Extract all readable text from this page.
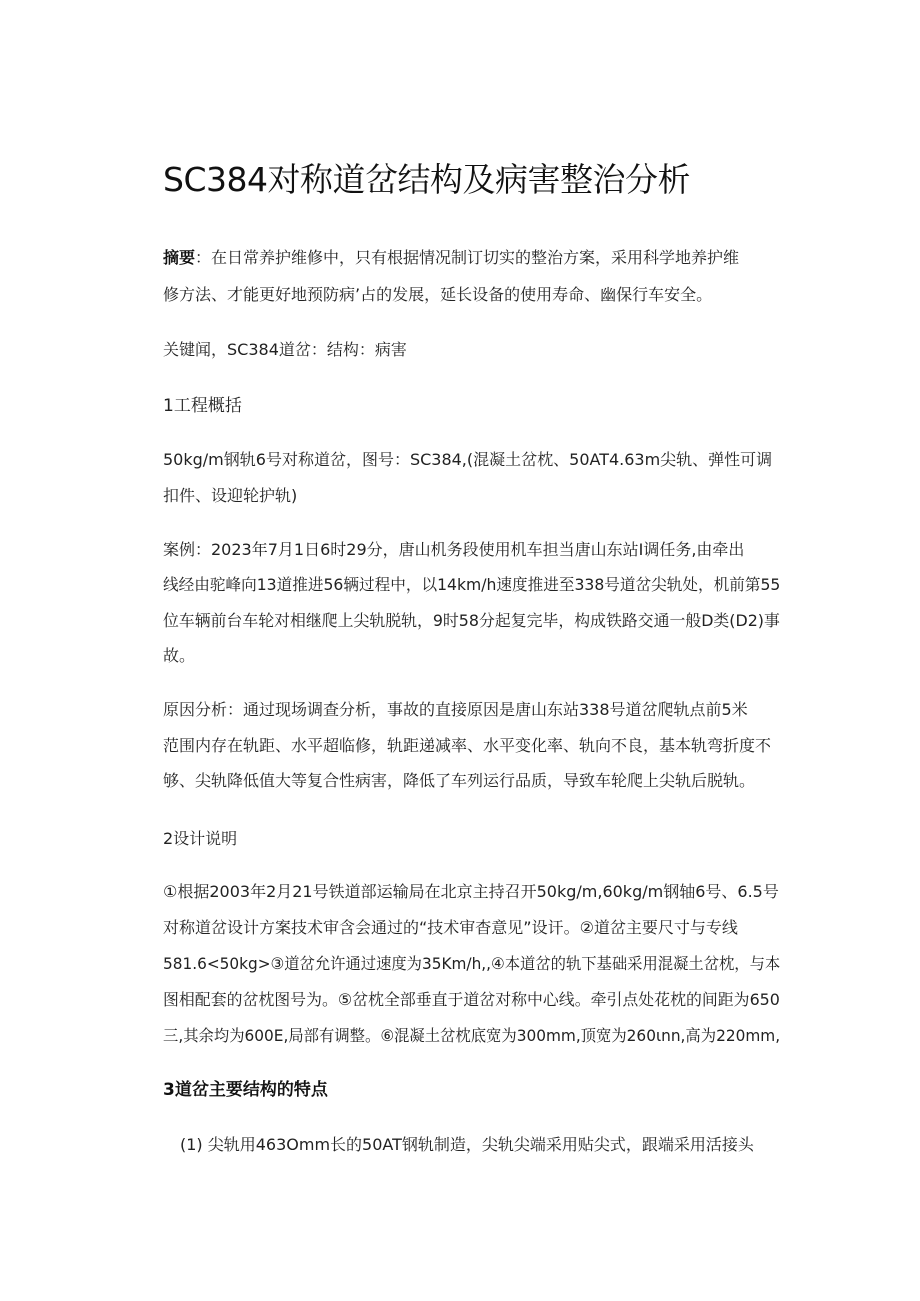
SC384对称道岔结构及病害整治分析
摘要：在日常养护维修中，只有根据情况制订切实的整治方案，采用科学地养护维
修方法、才能更好地预防病’占的发展，延长设备的使用寿命、幽保行车安全。
关键闻，SC384道岔：结构：病害
1工程概括
50kg/m钢轨6号对称道岔，图号：SC384,(混凝土岔枕、50AT4.63m尖轨、弹性可调
扣件、设迎轮护轨)
案例：2023年7月1日6时29分，唐山机务段使用机车担当唐山东站I调任务,由牵出
线经由驼峰向13道推进56辆过程中，以14km/h速度推进至338号道岔尖轨处，机前第55
位车辆前台车轮对相继爬上尖轨脱轨，9时58分起复完毕，构成铁路交通一般D类(D2)事
故。
原因分析：通过现场调查分析，事故的直接原因是唐山东站338号道岔爬轨点前5米
范围内存在轨距、水平超临修，轨距递减率、水平变化率、轨向不良，基本轨弯折度不
够、尖轨降低值大等复合性病害，降低了车列运行品质，导致车轮爬上尖轨后脱轨。
2设计说明
①根据2003年2月21号铁道部运输局在北京主持召开50kg/m,60kg/m钢轴6号、6.5号
对称道岔设计方案技术审含会通过的“技术审杳意见”设讦。②道岔主要尺寸与专线
581.6<50kg>③道岔允许通过速度为35Km/h,,④本道岔的轨下基础采用混凝土岔枕，与本
图相配套的岔枕图号为。⑤岔枕全部垂直于道岔对称中心线。牵引点处花枕的间距为650
三,其余均为600E,局部有调整。⑥混凝土岔枕底宽为300mm,顶宽为260ιnn,高为220mm,
3道岔主要结构的特点
(1) 尖轨用463Omm长的50AT钢轨制造，尖轨尖端采用贴尖式，跟端采用活接头
